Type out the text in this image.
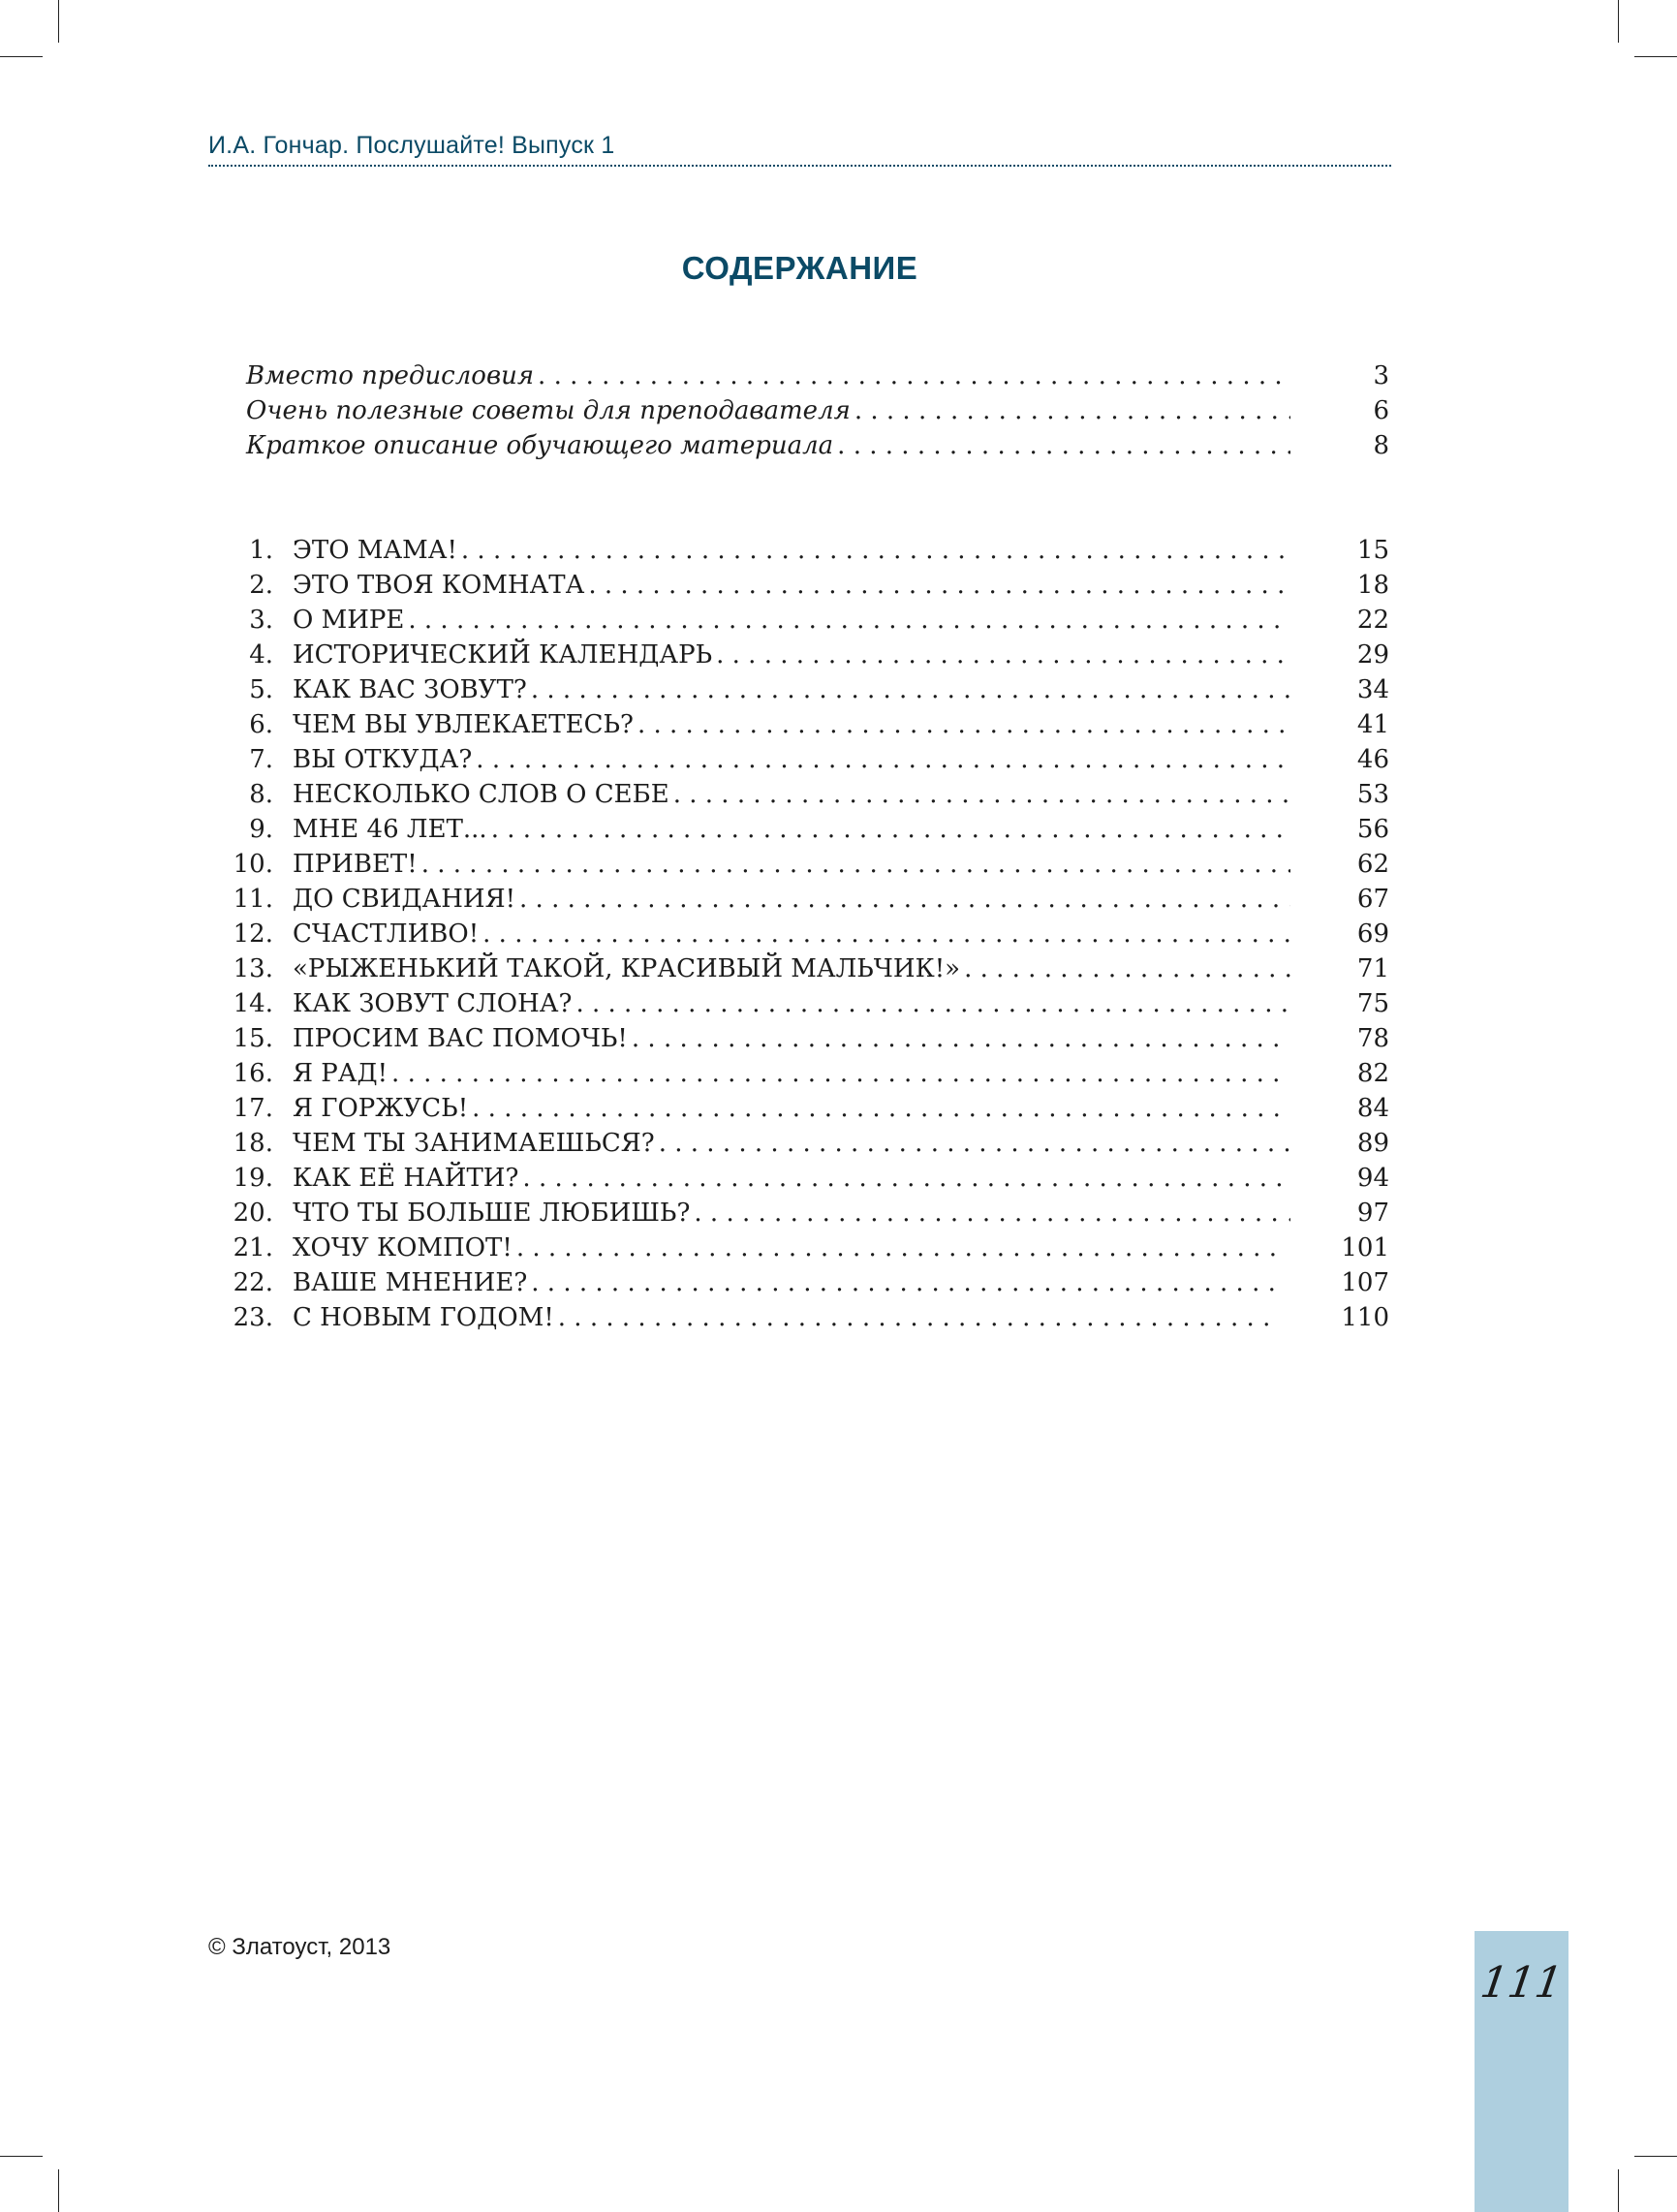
И.А. Гончар. Послушайте! Выпуск 1
СОДЕРЖАНИЕ
Вместо предисловия . . .	3
Очень полезные советы для преподавателя . . .	6
Краткое описание обучающего материала . . .	8
1. ЭТО МАМА! . . .	15
2. ЭТО ТВОЯ КОМНАТА . . .	18
3. О МИРЕ . . .	22
4. ИСТОРИЧЕСКИЙ КАЛЕНДАРЬ . . .	29
5. КАК ВАС ЗОВУТ? . . .	34
6. ЧЕМ ВЫ УВЛЕКАЕТЕСЬ? . . .	41
7. ВЫ ОТКУДА? . . .	46
8. НЕСКОЛЬКО СЛОВ О СЕБЕ . . .	53
9. МНЕ 46 ЛЕТ... . . .	56
10. ПРИВЕТ! . . .	62
11. ДО СВИДАНИЯ! . . .	67
12. СЧАСТЛИВО! . . .	69
13. «РЫЖЕНЬКИЙ ТАКОЙ, КРАСИВЫЙ МАЛЬЧИК!» . . .	71
14. КАК ЗОВУТ СЛОНА? . . .	75
15. ПРОСИМ ВАС ПОМОЧЬ! . . .	78
16. Я РАД! . . .	82
17. Я ГОРЖУСЬ! . . .	84
18. ЧЕМ ТЫ ЗАНИМАЕШЬСЯ? . . .	89
19. КАК ЕЁ НАЙТИ? . . .	94
20. ЧТО ТЫ БОЛЬШЕ ЛЮБИШЬ? . . .	97
21. ХОЧУ КОМПОТ! . . .	101
22. ВАШЕ МНЕНИЕ? . . .	107
23. С НОВЫМ ГОДОМ! . . .	110
© Златоуст, 2013
111
